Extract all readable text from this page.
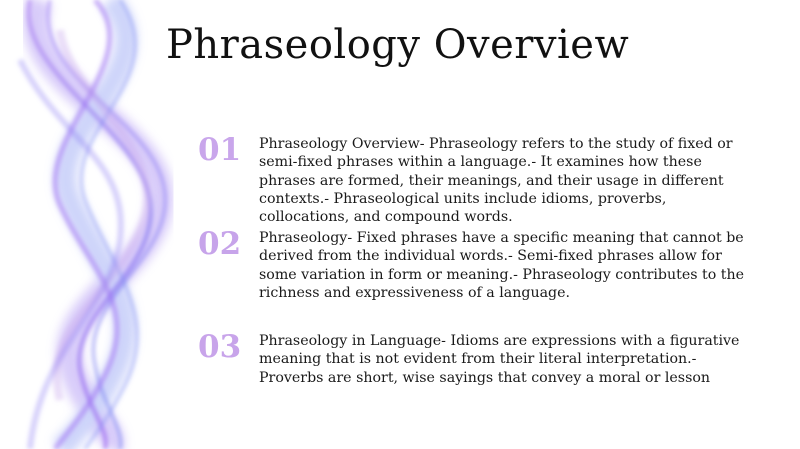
Phraseology Overview
01 Phraseology Overview- Phraseology refers to the study of fixed or semi-fixed phrases within a language.- It examines how these phrases are formed, their meanings, and their usage in different contexts.- Phraseological units include idioms, proverbs, collocations, and compound words.
02 Phraseology- Fixed phrases have a specific meaning that cannot be derived from the individual words.- Semi-fixed phrases allow for some variation in form or meaning.- Phraseology contributes to the richness and expressiveness of a language.
03 Phraseology in Language- Idioms are expressions with a figurative meaning that is not evident from their literal interpretation.- Proverbs are short, wise sayings that convey a moral or lesson
